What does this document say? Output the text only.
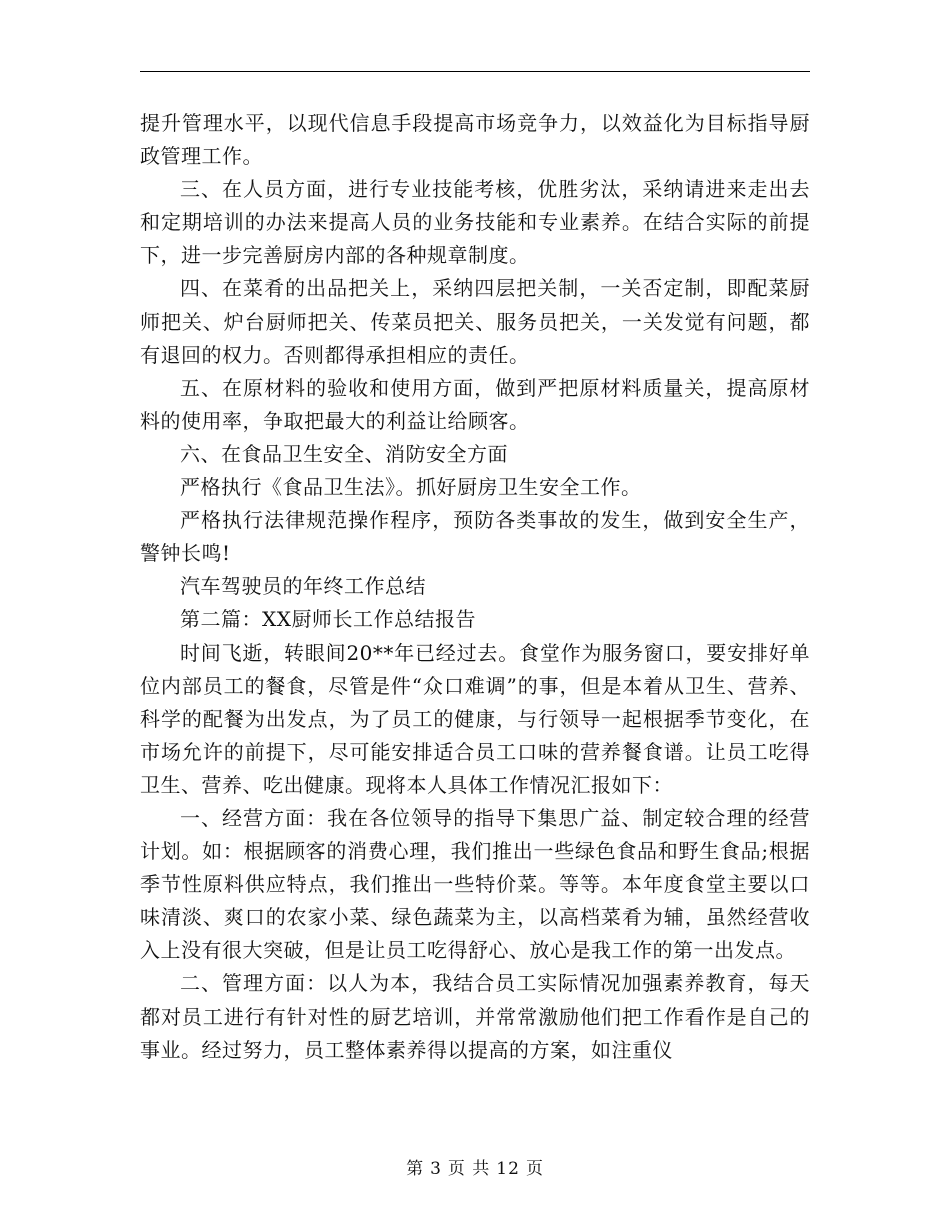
提升管理水平，以现代信息手段提高市场竞争力，以效益化为目标指导厨政管理工作。

三、在人员方面，进行专业技能考核，优胜劣汰，采纳请进来走出去和定期培训的办法来提高人员的业务技能和专业素养。在结合实际的前提下，进一步完善厨房内部的各种规章制度。

四、在菜肴的出品把关上，采纳四层把关制，一关否定制，即配菜厨师把关、炉台厨师把关、传菜员把关、服务员把关，一关发觉有问题，都有退回的权力。否则都得承担相应的责任。

五、在原材料的验收和使用方面，做到严把原材料质量关，提高原材料的使用率，争取把最大的利益让给顾客。

六、在食品卫生安全、消防安全方面

严格执行《食品卫生法》。抓好厨房卫生安全工作。

严格执行法律规范操作程序，预防各类事故的发生，做到安全生产，警钟长鸣!

汽车驾驶员的年终工作总结

第二篇：XX厨师长工作总结报告

时间飞逝，转眼间20**年已经过去。食堂作为服务窗口，要安排好单位内部员工的餐食，尽管是件“众口难调”的事，但是本着从卫生、营养、科学的配餐为出发点，为了员工的健康，与行领导一起根据季节变化，在市场允许的前提下，尽可能安排适合员工口味的营养餐食谱。让员工吃得卫生、营养、吃出健康。现将本人具体工作情况汇报如下：

一、经营方面：我在各位领导的指导下集思广益、制定较合理的经营计划。如：根据顾客的消费心理，我们推出一些绿色食品和野生食品;根据季节性原料供应特点，我们推出一些特价菜。等等。本年度食堂主要以口味清淡、爽口的农家小菜、绿色蔬菜为主，以高档菜肴为辅，虽然经营收入上没有很大突破，但是让员工吃得舒心、放心是我工作的第一出发点。

二、管理方面：以人为本，我结合员工实际情况加强素养教育，每天都对员工进行有针对性的厨艺培训，并常常激励他们把工作看作是自己的事业。经过努力，员工整体素养得以提高的方案，如注重仪

第 3 页 共 12 页
